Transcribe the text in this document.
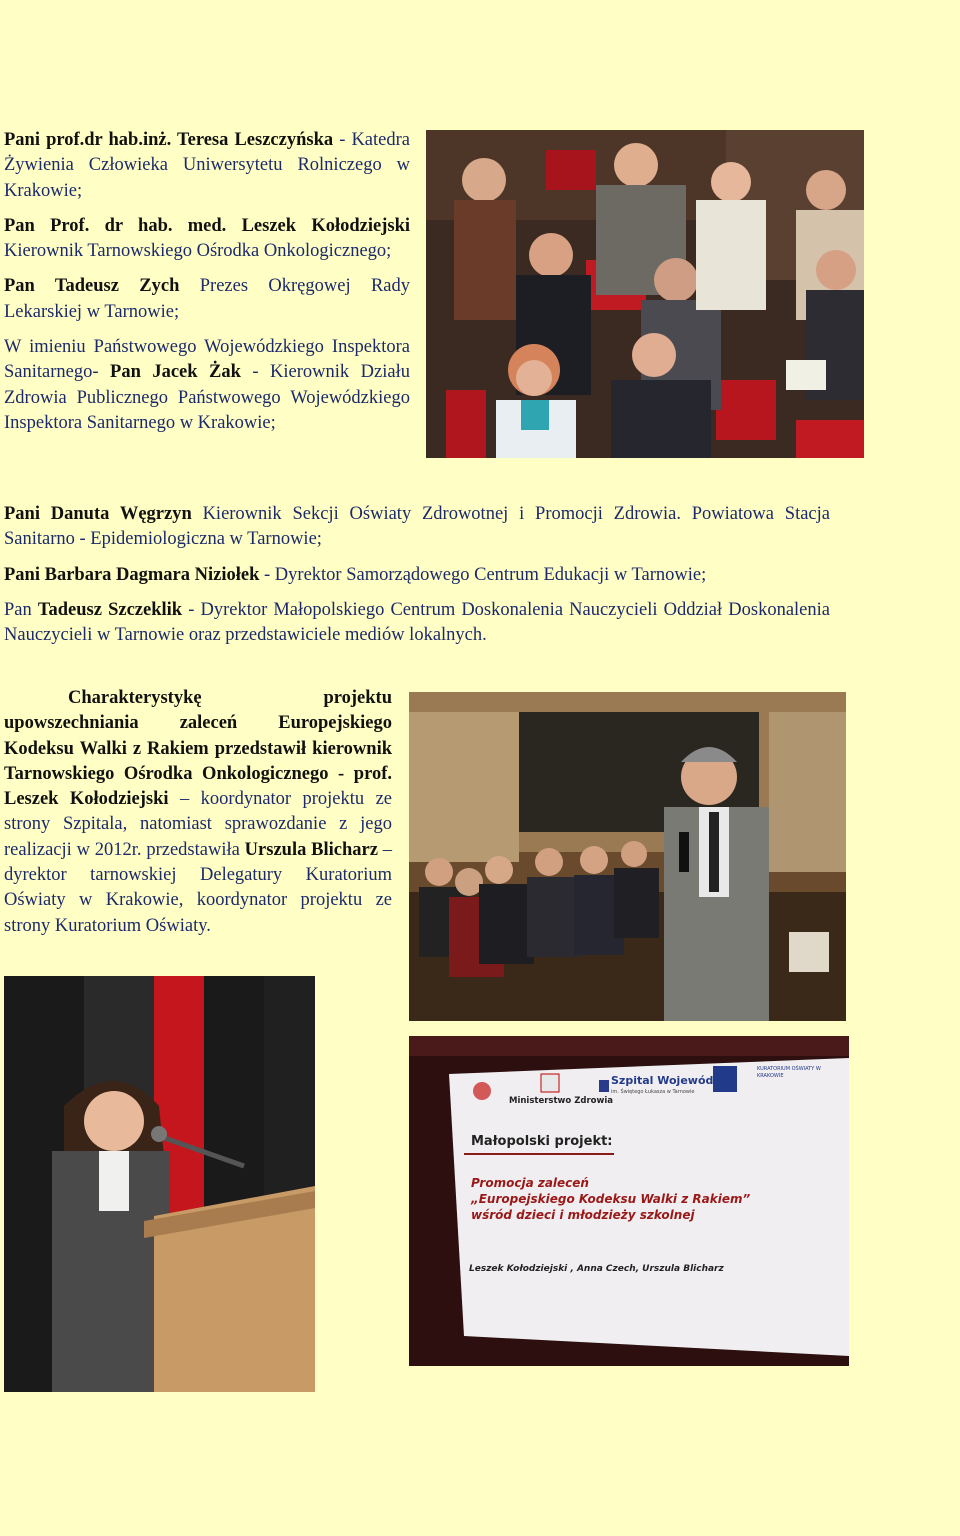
Pani prof.dr hab.inż. Teresa Leszczyńska - Katedra Żywienia Człowieka Uniwersytetu Rolniczego w Krakowie;

Pan Prof. dr hab. med. Leszek Kołodziejski Kierownik Tarnowskiego Ośrodka Onkologicznego;

Pan Tadeusz Zych Prezes Okręgowej Rady Lekarskiej w Tarnowie;

W imieniu Państwowego Wojewódzkiego Inspektora Sanitarnego- Pan Jacek Żak - Kierownik Działu Zdrowia Publicznego Państwowego Wojewódzkiego Inspektora Sanitarnego w Krakowie;

Pani Danuta Węgrzyn Kierownik Sekcji Oświaty Zdrowotnej i Promocji Zdrowia. Powiatowa Stacja Sanitarno - Epidemiologiczna w Tarnowie;

Pani Barbara Dagmara Niziołek - Dyrektor Samorządowego Centrum Edukacji w Tarnowie;

Pan Tadeusz Szczeklik - Dyrektor Małopolskiego Centrum Doskonalenia Nauczycieli Oddział Doskonalenia Nauczycieli w Tarnowie oraz przedstawiciele mediów lokalnych.

Charakterystykę projektu upowszechniania zaleceń Europejskiego Kodeksu Walki z Rakiem przedstawił kierownik Tarnowskiego Ośrodka Onkologicznego - prof. Leszek Kołodziejski – koordynator projektu ze strony Szpitala, natomiast sprawozdanie z jego realizacji w 2012r. przedstawiła Urszula Blicharz – dyrektor tarnowskiej Delegatury Kuratorium Oświaty w Krakowie, koordynator projektu ze strony Kuratorium Oświaty.

Ministerstwo Zdrowia
Szpital Wojewódzki
im. Świętego Łukasza w Tarnowie
KURATORIUM OŚWIATY W KRAKOWIE
Małopolski projekt:
Promocja zaleceń
„Europejskiego Kodeksu Walki z Rakiem”
wśród dzieci i młodzieży szkolnej
Leszek Kołodziejski , Anna Czech, Urszula Blicharz
